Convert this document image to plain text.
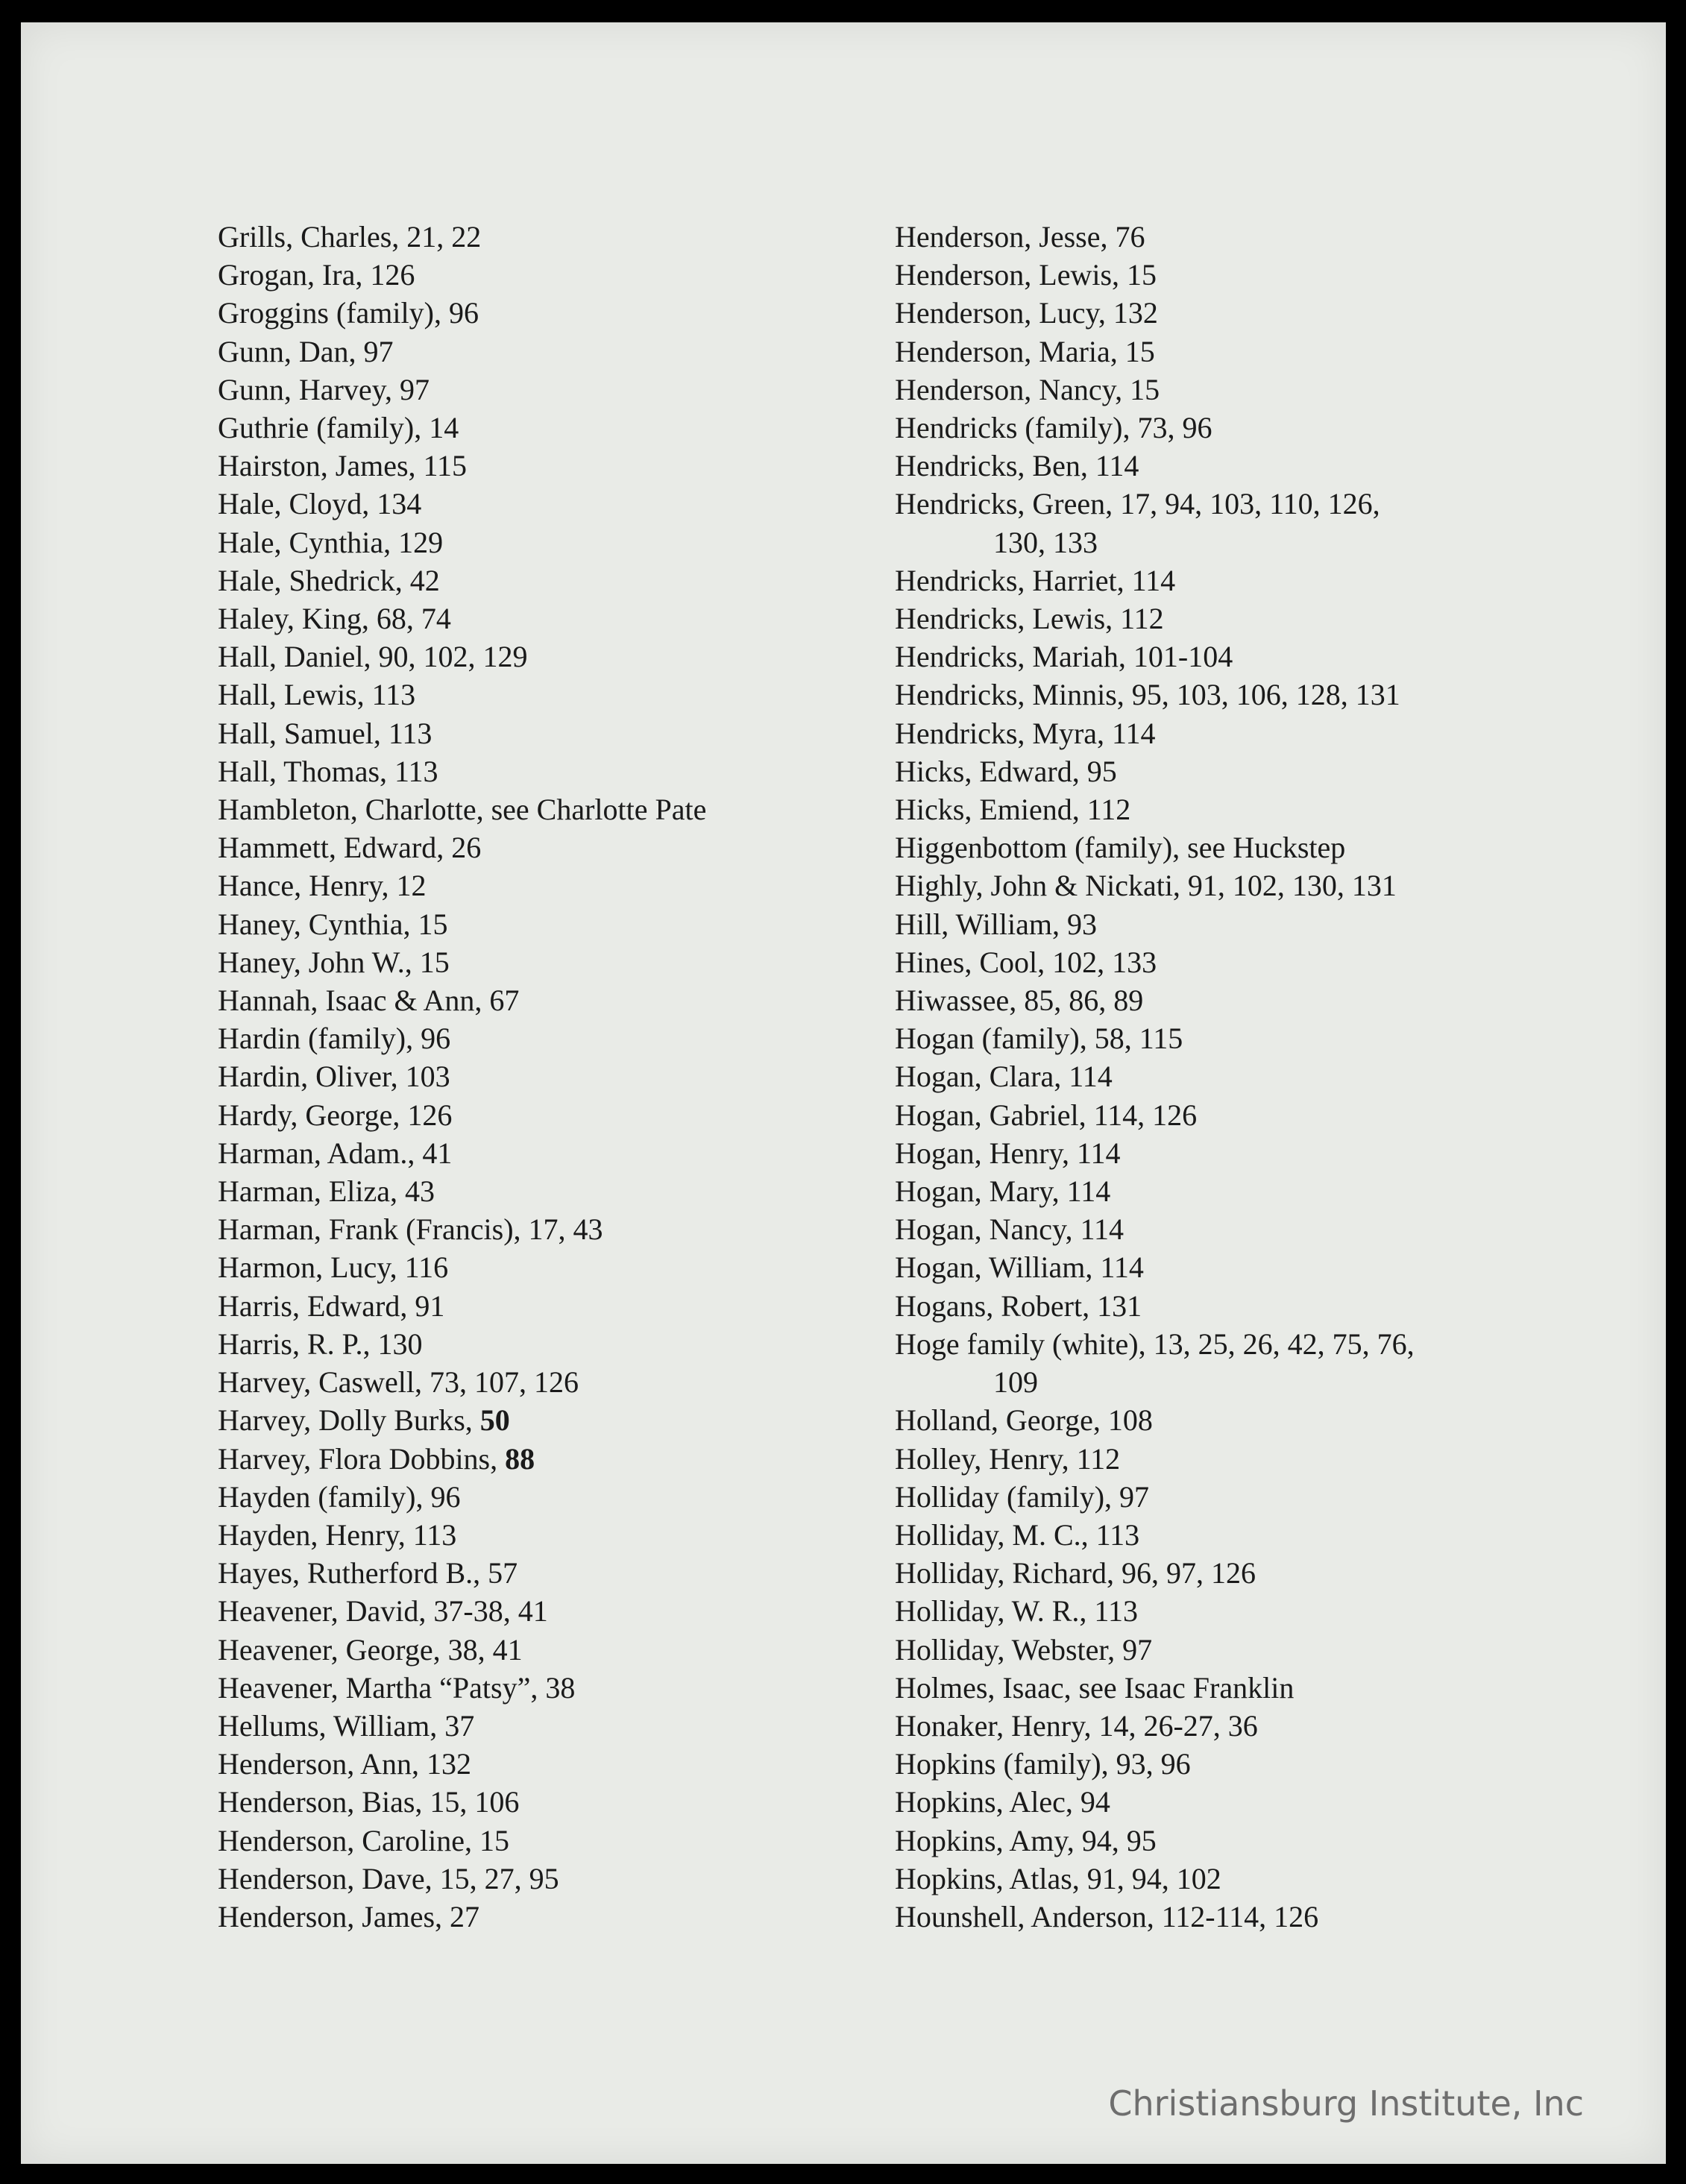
Grills, Charles, 21, 22
Grogan, Ira, 126
Groggins (family), 96
Gunn, Dan, 97
Gunn, Harvey, 97
Guthrie (family), 14
Hairston, James, 115
Hale, Cloyd, 134
Hale, Cynthia, 129
Hale, Shedrick, 42
Haley, King, 68, 74
Hall, Daniel, 90, 102, 129
Hall, Lewis, 113
Hall, Samuel, 113
Hall, Thomas, 113
Hambleton, Charlotte, see Charlotte Pate
Hammett, Edward, 26
Hance, Henry, 12
Haney, Cynthia, 15
Haney, John W., 15
Hannah, Isaac & Ann, 67
Hardin (family), 96
Hardin, Oliver, 103
Hardy, George, 126
Harman, Adam., 41
Harman, Eliza, 43
Harman, Frank (Francis), 17, 43
Harmon, Lucy, 116
Harris, Edward, 91
Harris, R. P., 130
Harvey, Caswell, 73, 107, 126
Harvey, Dolly Burks, 50
Harvey, Flora Dobbins, 88
Hayden (family), 96
Hayden, Henry, 113
Hayes, Rutherford B., 57
Heavener, David, 37-38, 41
Heavener, George, 38, 41
Heavener, Martha “Patsy”, 38
Hellums, William, 37
Henderson, Ann, 132
Henderson, Bias, 15, 106
Henderson, Caroline, 15
Henderson, Dave, 15, 27, 95
Henderson, James, 27
Henderson, Jesse, 76
Henderson, Lewis, 15
Henderson, Lucy, 132
Henderson, Maria, 15
Henderson, Nancy, 15
Hendricks (family), 73, 96
Hendricks, Ben, 114
Hendricks, Green, 17, 94, 103, 110, 126,
130, 133
Hendricks, Harriet, 114
Hendricks, Lewis, 112
Hendricks, Mariah, 101-104
Hendricks, Minnis, 95, 103, 106, 128, 131
Hendricks, Myra, 114
Hicks, Edward, 95
Hicks, Emiend, 112
Higgenbottom (family), see Huckstep
Highly, John & Nickati, 91, 102, 130, 131
Hill, William, 93
Hines, Cool, 102, 133
Hiwassee, 85, 86, 89
Hogan (family), 58, 115
Hogan, Clara, 114
Hogan, Gabriel, 114, 126
Hogan, Henry, 114
Hogan, Mary, 114
Hogan, Nancy, 114
Hogan, William, 114
Hogans, Robert, 131
Hoge family (white), 13, 25, 26, 42, 75, 76,
109
Holland, George, 108
Holley, Henry, 112
Holliday (family), 97
Holliday, M. C., 113
Holliday, Richard, 96, 97, 126
Holliday, W. R., 113
Holliday, Webster, 97
Holmes, Isaac, see Isaac Franklin
Honaker, Henry, 14, 26-27, 36
Hopkins (family), 93, 96
Hopkins, Alec, 94
Hopkins, Amy, 94, 95
Hopkins, Atlas, 91, 94, 102
Hounshell, Anderson, 112-114, 126
Christiansburg Institute, Inc
